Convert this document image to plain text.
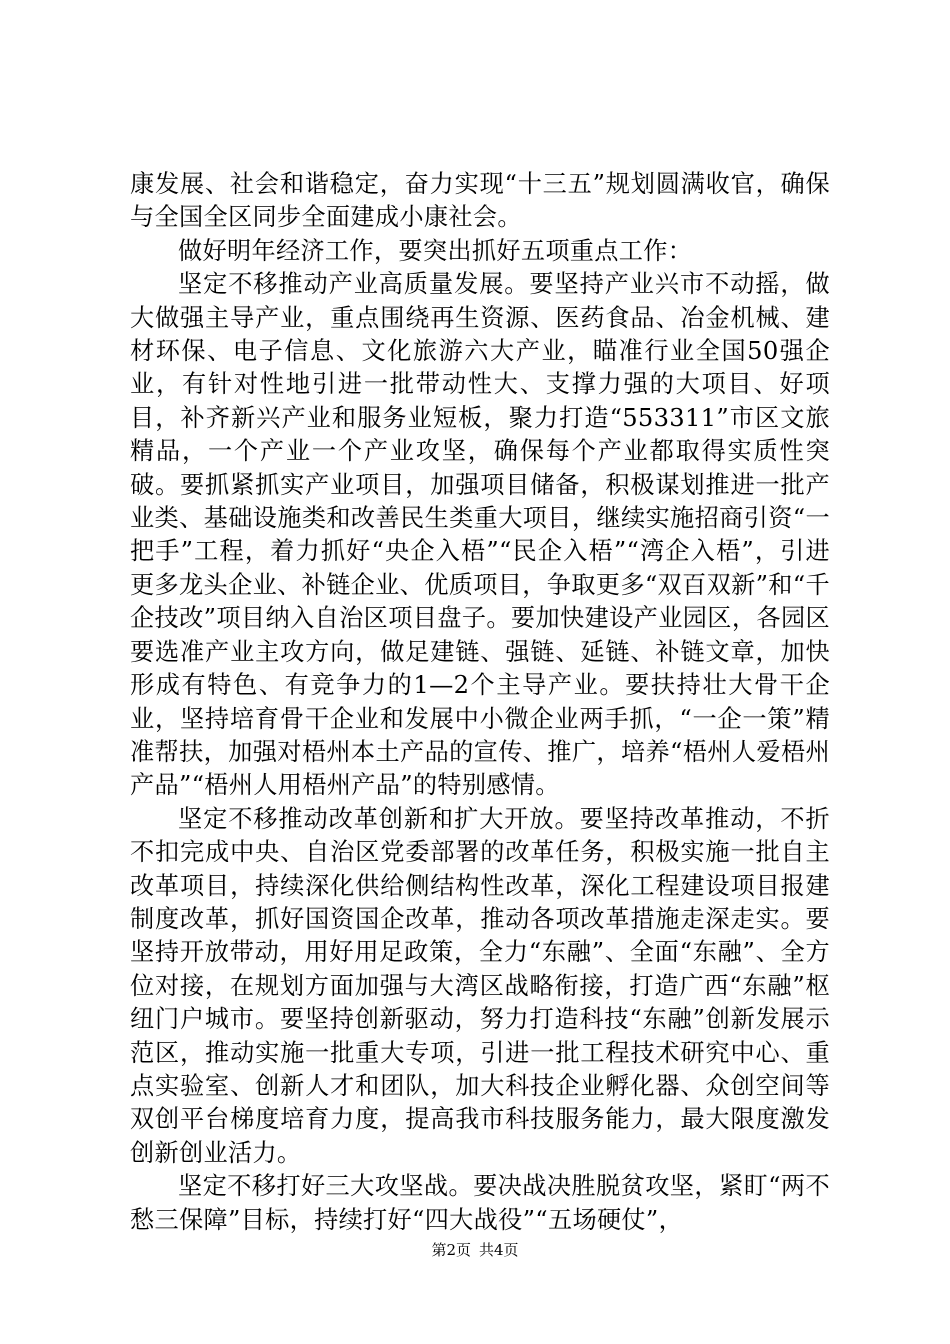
康发展、社会和谐稳定，奋力实现“十三五”规划圆满收官，确保与全国全区同步全面建成小康社会。

做好明年经济工作，要突出抓好五项重点工作：

坚定不移推动产业高质量发展。要坚持产业兴市不动摇，做大做强主导产业，重点围绕再生资源、医药食品、冶金机械、建材环保、电子信息、文化旅游六大产业，瞄准行业全国50强企业，有针对性地引进一批带动性大、支撑力强的大项目、好项目，补齐新兴产业和服务业短板，聚力打造“553311”市区文旅精品，一个产业一个产业攻坚，确保每个产业都取得实质性突破。要抓紧抓实产业项目，加强项目储备，积极谋划推进一批产业类、基础设施类和改善民生类重大项目，继续实施招商引资“一把手”工程，着力抓好“央企入梧”“民企入梧”“湾企入梧”，引进更多龙头企业、补链企业、优质项目，争取更多“双百双新”和“千企技改”项目纳入自治区项目盘子。要加快建设产业园区，各园区要选准产业主攻方向，做足建链、强链、延链、补链文章，加快形成有特色、有竞争力的1—2个主导产业。要扶持壮大骨干企业，坚持培育骨干企业和发展中小微企业两手抓，“一企一策”精准帮扶，加强对梧州本土产品的宣传、推广，培养“梧州人爱梧州产品”“梧州人用梧州产品”的特别感情。

坚定不移推动改革创新和扩大开放。要坚持改革推动，不折不扣完成中央、自治区党委部署的改革任务，积极实施一批自主改革项目，持续深化供给侧结构性改革，深化工程建设项目报建制度改革，抓好国资国企改革，推动各项改革措施走深走实。要坚持开放带动，用好用足政策，全力“东融”、全面“东融”、全方位对接，在规划方面加强与大湾区战略衔接，打造广西“东融”枢纽门户城市。要坚持创新驱动，努力打造科技“东融”创新发展示范区，推动实施一批重大专项，引进一批工程技术研究中心、重点实验室、创新人才和团队，加大科技企业孵化器、众创空间等双创平台梯度培育力度，提高我市科技服务能力，最大限度激发创新创业活力。

坚定不移打好三大攻坚战。要决战决胜脱贫攻坚，紧盯“两不愁三保障”目标，持续打好“四大战役”“五场硬仗”，

第2页 共4页
